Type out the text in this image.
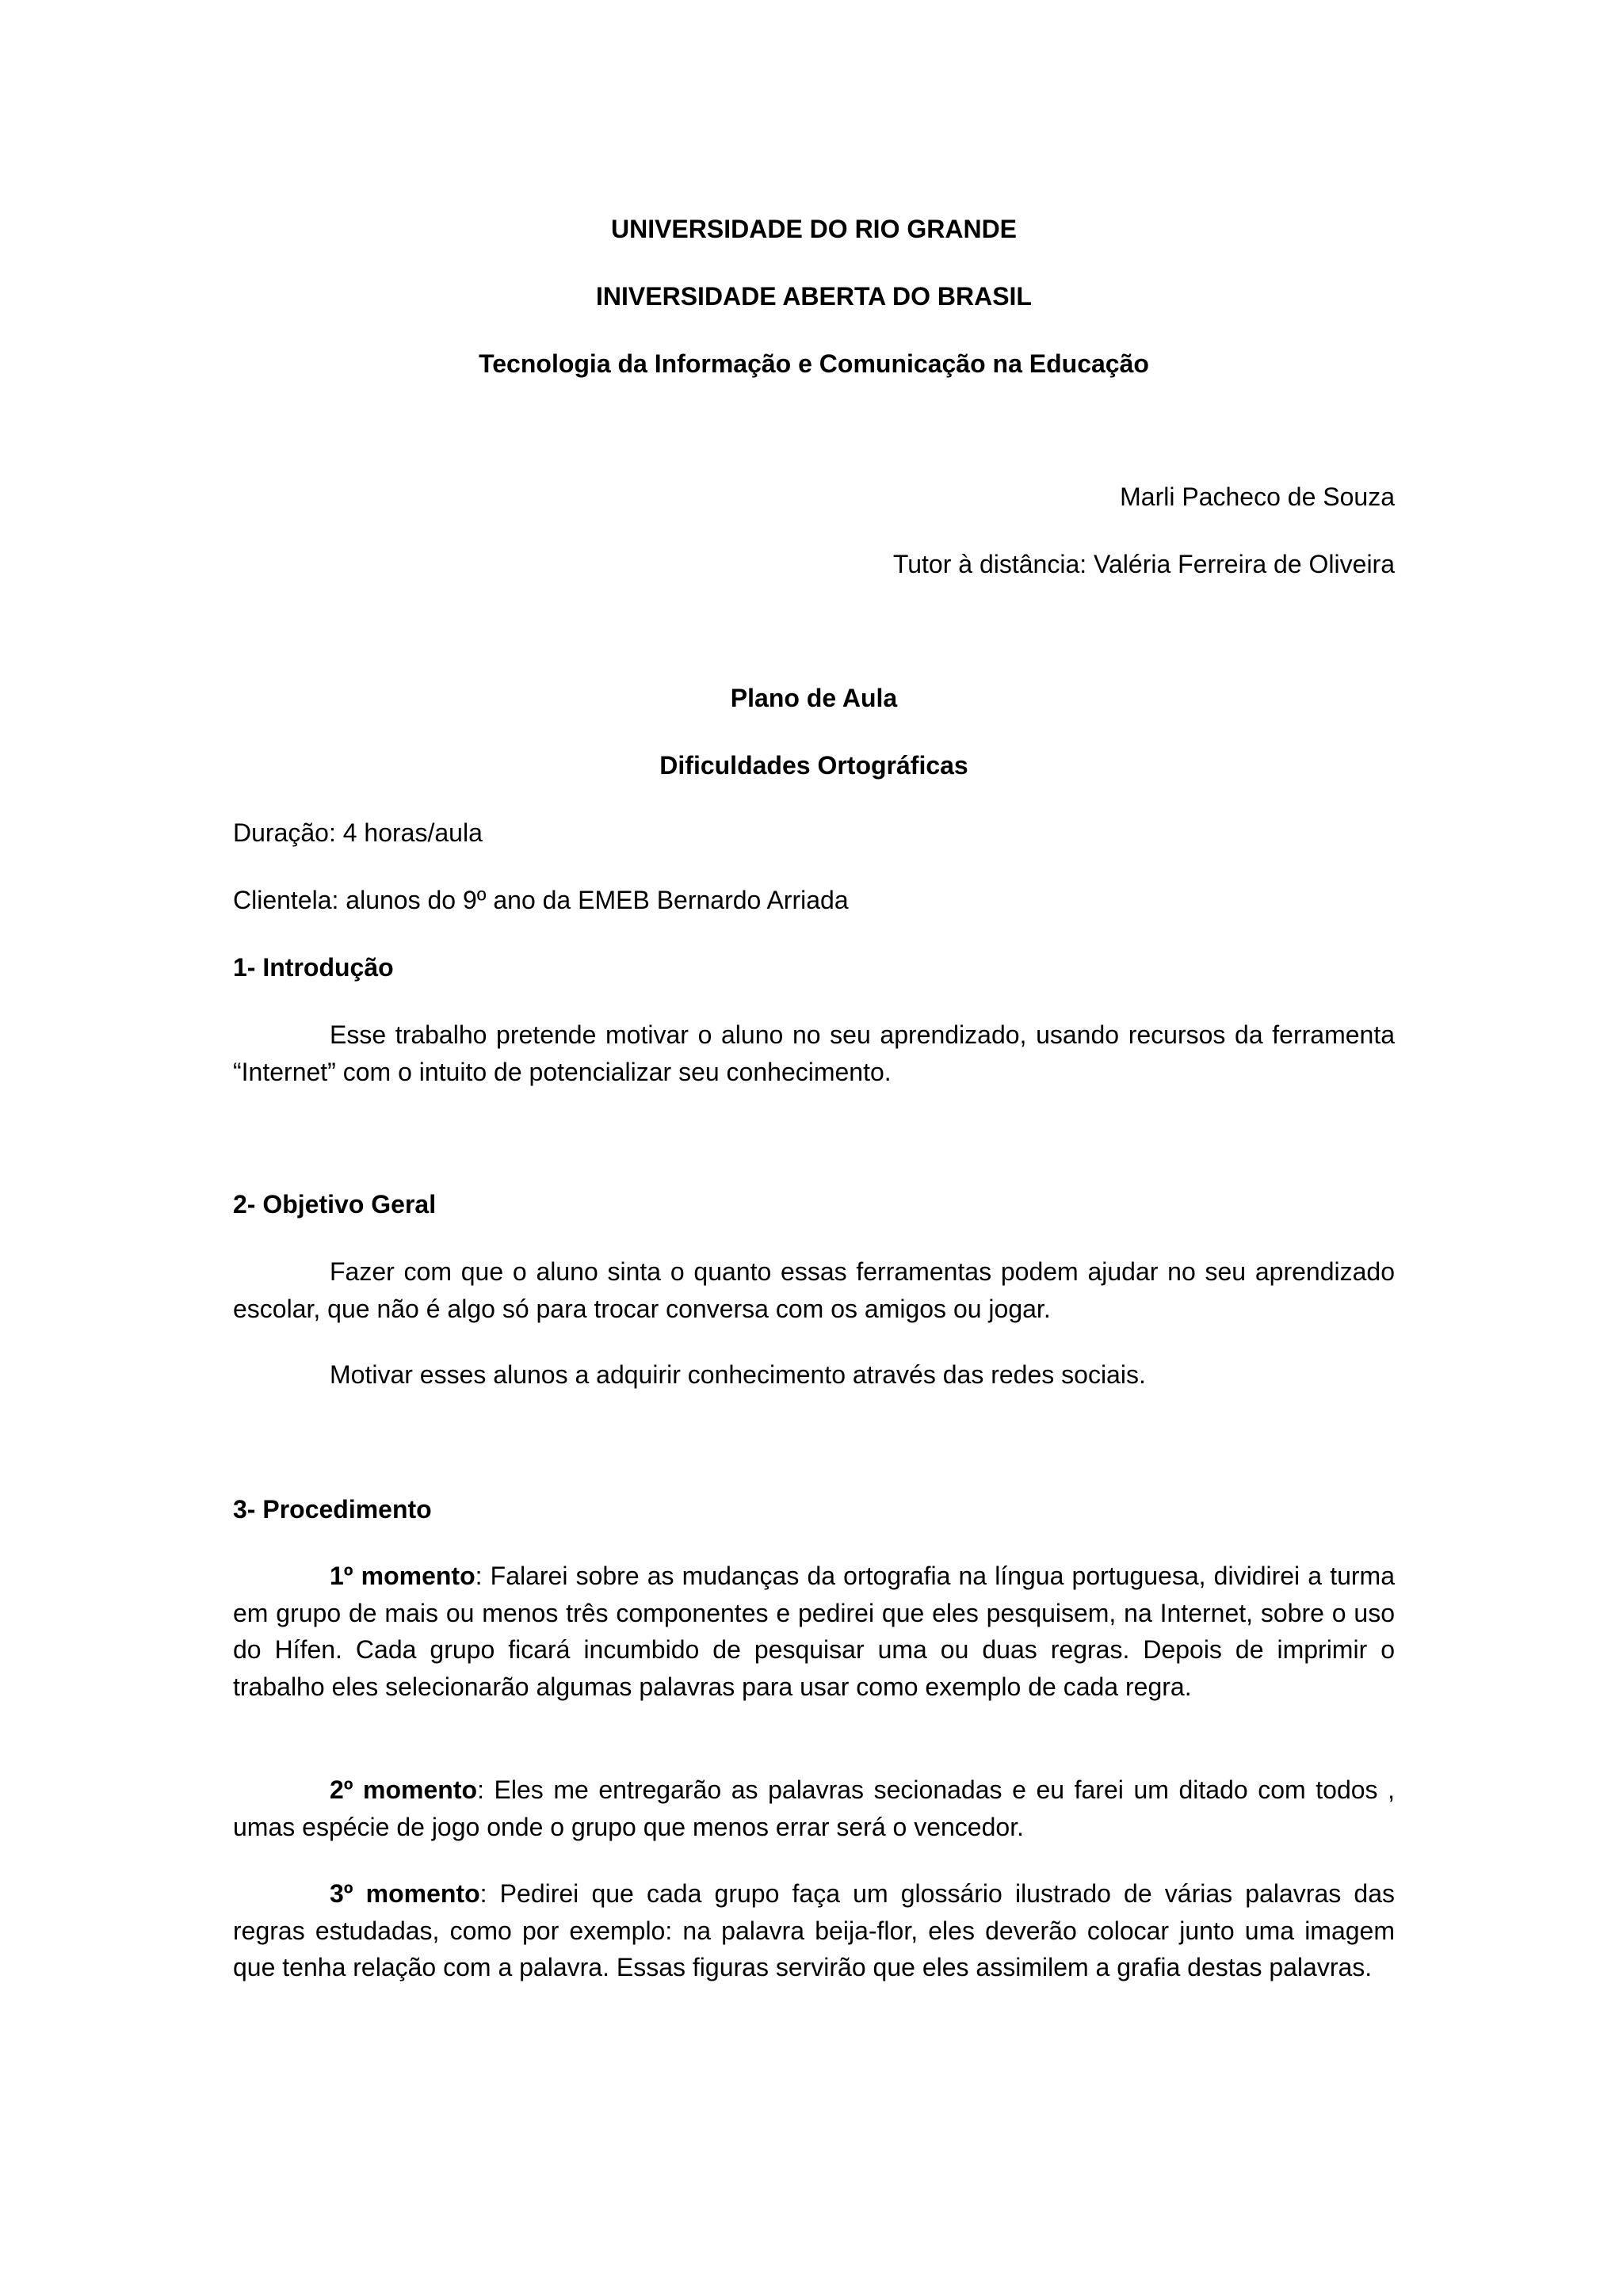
UNIVERSIDADE DO RIO GRANDE

INIVERSIDADE ABERTA DO BRASIL

Tecnologia da Informação e Comunicação na Educação

Marli Pacheco de Souza

Tutor à distância: Valéria Ferreira de Oliveira

Plano de Aula

Dificuldades Ortográficas

Duração: 4 horas/aula

Clientela: alunos do 9º ano da EMEB Bernardo Arriada

1- Introdução

Esse trabalho pretende motivar o aluno no seu aprendizado, usando recursos da ferramenta “Internet” com o intuito de potencializar seu conhecimento.

2- Objetivo Geral

Fazer com que o aluno sinta o quanto essas ferramentas podem ajudar no seu aprendizado escolar, que não é algo só para trocar conversa com os amigos ou jogar.

Motivar esses alunos a adquirir conhecimento através das redes sociais.

3- Procedimento

1º momento: Falarei sobre as mudanças da ortografia na língua portuguesa, dividirei a turma em grupo de mais ou menos três componentes e pedirei que eles pesquisem, na Internet, sobre o uso do Hífen. Cada grupo ficará incumbido de pesquisar uma ou duas regras. Depois de imprimir o trabalho eles selecionarão algumas palavras para usar como exemplo de cada regra.

2º momento: Eles me entregarão as palavras secionadas e eu farei um ditado com todos , umas espécie de jogo onde o grupo que menos errar será o vencedor.

3º momento: Pedirei que cada grupo faça um glossário ilustrado de várias palavras das regras estudadas, como por exemplo: na palavra beija-flor, eles deverão colocar junto uma imagem que tenha relação com a palavra. Essas figuras servirão que eles assimilem a grafia destas palavras.
